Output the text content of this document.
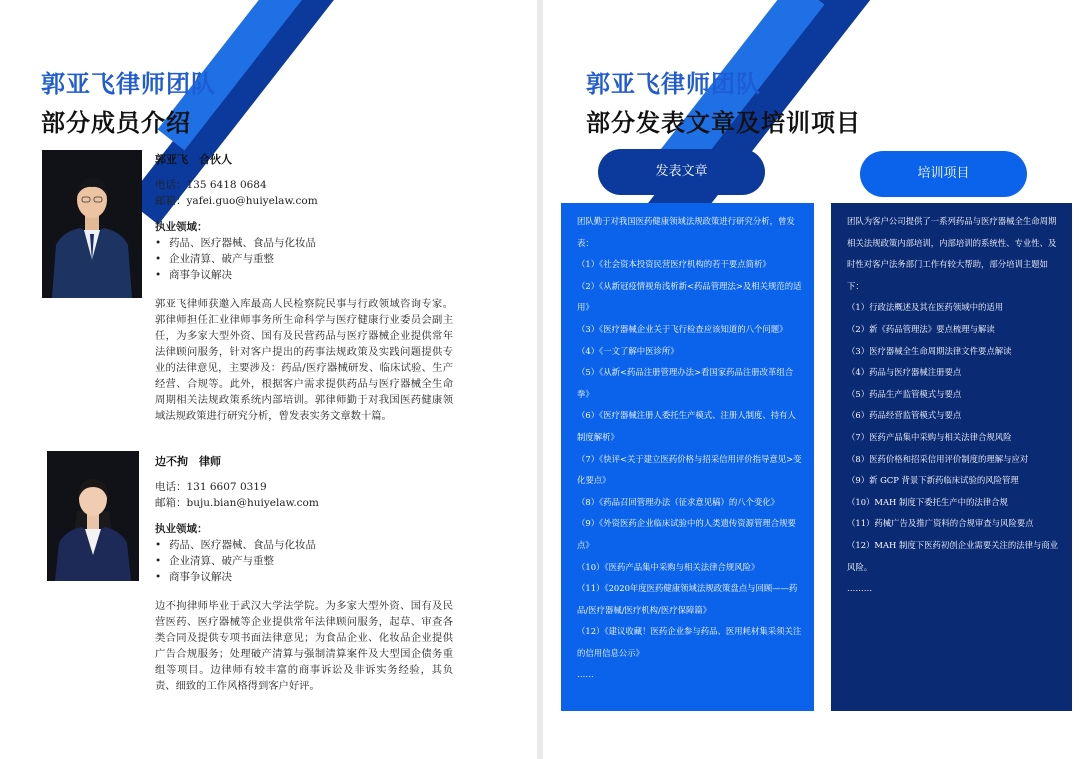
郭亚飞律师团队
部分成员介绍
郭亚飞　合伙人
电话：135 6418 0684
邮箱：yafei.guo@huiyelaw.com
执业领域：
• 药品、医疗器械、食品与化妆品
• 企业清算、破产与重整
• 商事争议解决
郭亚飞律师获邀入库最高人民检察院民事与行政领域咨询专家。郭律师担任汇业律师事务所生命科学与医疗健康行业委员会副主任，为多家大型外资、国有及民营药品与医疗器械企业提供常年法律顾问服务，针对客户提出的药事法规政策及实践问题提供专业的法律意见，主要涉及：药品/医疗器械研发、临床试验、生产经营、合规等。此外，根据客户需求提供药品与医疗器械全生命周期相关法规政策系统内部培训。郭律师勤于对我国医药健康领域法规政策进行研究分析，曾发表实务文章数十篇。
边不拘　律师
电话：131 6607 0319
邮箱：buju.bian@huiyelaw.com
执业领域：
• 药品、医疗器械、食品与化妆品
• 企业清算、破产与重整
• 商事争议解决
边不拘律师毕业于武汉大学法学院。为多家大型外资、国有及民营医药、医疗器械等企业提供常年法律顾问服务，起草、审查各类合同及提供专项书面法律意见；为食品企业、化妆品企业提供广告合规服务；处理破产清算与强制清算案件及大型国企债务重组等项目。边律师有较丰富的商事诉讼及非诉实务经验，其负责、细致的工作风格得到客户好评。
郭亚飞律师团队
部分发表文章及培训项目
发表文章	培训项目

团队勤于对我国医药健康领域法规政策进行研究分析，曾发表：

（1）《社会资本投资民营医疗机构的若干要点简析》

（2）《从新冠疫情视角浅析新<药品管理法>及相关规范的适用》

（3）《医疗器械企业关于飞行检查应该知道的八个问题》

（4）《一文了解中医诊所》

（5）《从新<药品注册管理办法>看国家药品注册改革组合拳》

（6）《医疗器械注册人委托生产模式、注册人制度、持有人制度解析》

（7）《快评<关于建立医药价格与招采信用评价指导意见>变化要点》

（8）《药品召回管理办法（征求意见稿）的八个变化》

（9）《外资医药企业临床试验中的人类遗传资源管理合规要点》

（10）《医药产品集中采购与相关法律合规风险》

（11）《2020年度医药健康领域法规政策盘点与回顾——药品/医疗器械/医疗机构/医疗保障篇》

（12）《建议收藏！医药企业参与药品、医用耗材集采须关注的信用信息公示》

……

团队为客户公司提供了一系列药品与医疗器械全生命周期相关法规政策内部培训，内部培训的系统性、专业性、及时性对客户法务部门工作有较大帮助，部分培训主题如下：

（1）行政法概述及其在医药领域中的适用

（2）新《药品管理法》要点梳理与解读

（3）医疗器械全生命周期法律文件要点解读

（4）药品与医疗器械注册要点

（5）药品生产监管模式与要点

（6）药品经营监管模式与要点

（7）医药产品集中采购与相关法律合规风险

（8）医药价格和招采信用评价制度的理解与应对

（9）新 GCP 背景下新药临床试验的风险管理

（10）MAH 制度下委托生产中的法律合规

（11）药械广告及推广资料的合规审查与风险要点

（12）MAH 制度下医药初创企业需要关注的法律与商业风险。

………
